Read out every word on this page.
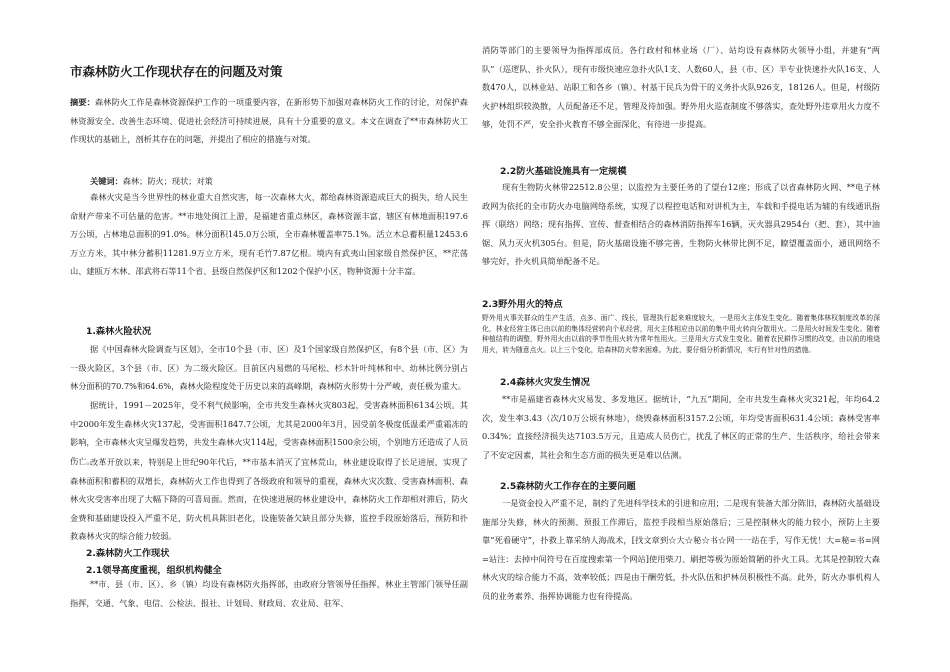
市森林防火工作现状存在的问题及对策

摘要：森林防火工作是森林资源保护工作的一项重要内容，在新形势下加强对森林防火工作的讨论，对保护森林资源安全、改善生态环境、促进社会经济可持续进展，具有十分重要的意义。本文在调查了**市森林防火工作现状的基础上，剖析其存在的问题，并提出了相应的措施与对策。

关键词：森林；防火；现状；对策

森林火灾是当今世界性的林业重大自然灾害，每一次森林大火，都给森林资源造成巨大的损失，给人民生命财产带来不可估量的危害。**市地处闽江上游，是福建省重点林区，森林资源丰富，辖区有林地面积197.6万公顷，占林地总面积的91.0%。林分面积145.0万公顷，全市森林覆盖率75.1%。活立木总蓄积量12453.6万立方米，其中林分蓄积11281.9万立方米，现有毛竹7.87亿根。境内有武夷山国家级自然保护区，**茫荡山、建瓯万木林、邵武将石等11个省、县级自然保护区和1202个保护小区，物种资源十分丰富。

1.森林火险状况

据《中国森林火险调查与区划》，全市10个县（市、区）及1个国家级自然保护区，有8个县（市、区）为一级火险区，3个县（市、区）为二级火险区。目前区内易燃的马尾松、杉木针叶纯林和中、幼林比例分别占林分面积的70.7%和64.6%，森林火险程度处于历史以来的高峰期，森林防火形势十分严峻，责任极为重大。

据统计，1991－2025年，受不利气候影响，全市共发生森林火灾803起，受害森林面积6134公顷。其中2000年发生森林火灾137起，受害面积1847.7公顷，尤其是2000年3月，因受前冬极度低温柔严重霜冻的影响，全市森林火灾呈爆发趋势，共发生森林火灾114起，受害森林面积1500余公顷，个别地方还造成了人员伤亡。

改革开放以来，特别是上世纪90年代后，**市基本消灭了宜林荒山，林业建设取得了长足进展，实现了森林面积和蓄积的双增长，森林防火工作也得到了各级政府和领导的重视，森林火灾次数、受害森林面积、森林火灾受害率出现了大幅下降的可喜局面。然而，在快速进展的林业建设中，森林防火工作却相对滞后，防火金费和基础建设投入严重不足，防火机具陈旧老化，设施装备欠缺且部分失修，监控手段原始落后，预防和扑救森林火灾的综合能力较弱。

2.森林防火工作现状
2.1领导高度重视，组织机构健全

**市、县（市、区）、乡（镇）均设有森林防火指挥部，由政府分管领导任指挥，林业主管部门领导任副指挥，交通、气象、电信、公检法、报社、计划局、财政局、农业局、驻军、

消防等部门的主要领导为指挥部成员。各行政村和林业场（厂）、站均设有森林防火领导小组，并建有“两队”（巡逻队、扑火队），现有市级快速应急扑火队1支、人数60人，县（市、区）半专业快速扑火队16支、人数470人，以林业站、站职工和各乡（镇）、村基干民兵为骨干的义务扑火队926支，18126人。但是，村级防火护林组织较涣散，人员配备还不足，管理及待加强。野外用火巡查制度不够落实，查处野外违章用火力度不够，处罚不严，安全扑火教育不够全面深化，有待进一步提高。

2.2防火基础设施具有一定规模

现有生物防火林带22512.8公里；以监控为主要任务的了望台12座；形成了以省森林防火网、**电子林政网为依托的全市防火办电脑网络系统，实现了以程控电话和对讲机为主，车载和手提电话为辅的有线通讯指挥（联络）网络；现有指挥、宣传、督查相结合的森林消防指挥车16辆，灭火器具2954台（把、套），其中油锯、风力灭火机305台。但是，防火基础设施不够完善，生物防火林带比例不足，瞭望覆盖面小，通讯网络不够完好，扑火机具简单配备不足。

2.3野外用火的特点

野外用火事关群众的生产生活，点多、面广、线长，管理执行起来难度较大，一是用火主体发生变化。随着集体林权制度改革的深化，林业经营主体已由以前的集体经营转向个私经营，用火主体相应由以前的集中用火转向分散用火。二是用火时间发生变化。随着种植结构的调整，野外用火由以前的季节性用火转为常年性用火。三是用火方式发生变化。随着农民耕作习惯的改变，由以前的堆烧用火，转为随意点火。以上三个变化，给森林防火带来困难。为此，要仔细分析新情况，实行有针对性的措施。

2.4森林火灾发生情况

**市是福建省森林火灾易发、多发地区。据统计，“九五”期间，全市共发生森林火灾321起，年均64.2次，发生率3.43（次/10万公顷有林地），烧毁森林面积3157.2公顷，年均受害面积631.4公顷；森林受害率0.34%；直接经济损失达7103.5万元，且造成人员伤亡，扰乱了林区的正常的生产、生活秩序，给社会带来了不安定因素，其社会和生态方面的损失更是难以估测。

2.5森林防火工作存在的主要问题

一是资金投入严重不足，制约了先进科学技术的引进和应用；二是现有装备大部分陈旧，森林防火基础设施部分失修，林火的预测、预报工作滞后，监控手段相当原始落后；三是控制林火的能力较小，预防上主要靠“死看硬守”，扑救上靠采纳人海战术，[找文章到☆大☆秘☆书☆网一一站在手，写作无忧！大=秘=书=网=站注：去掉中间符号在百度搜索第一个网站]使用柴刀、刷把等极为原始简陋的扑火工具。尤其是控制较大森林火灾的综合能力不高，效率较低；四是由于酬劳低，扑火队伍和护林员积极性不高。此外，防火办事机构人员的业务素养、指挥协调能力也有待提高。
